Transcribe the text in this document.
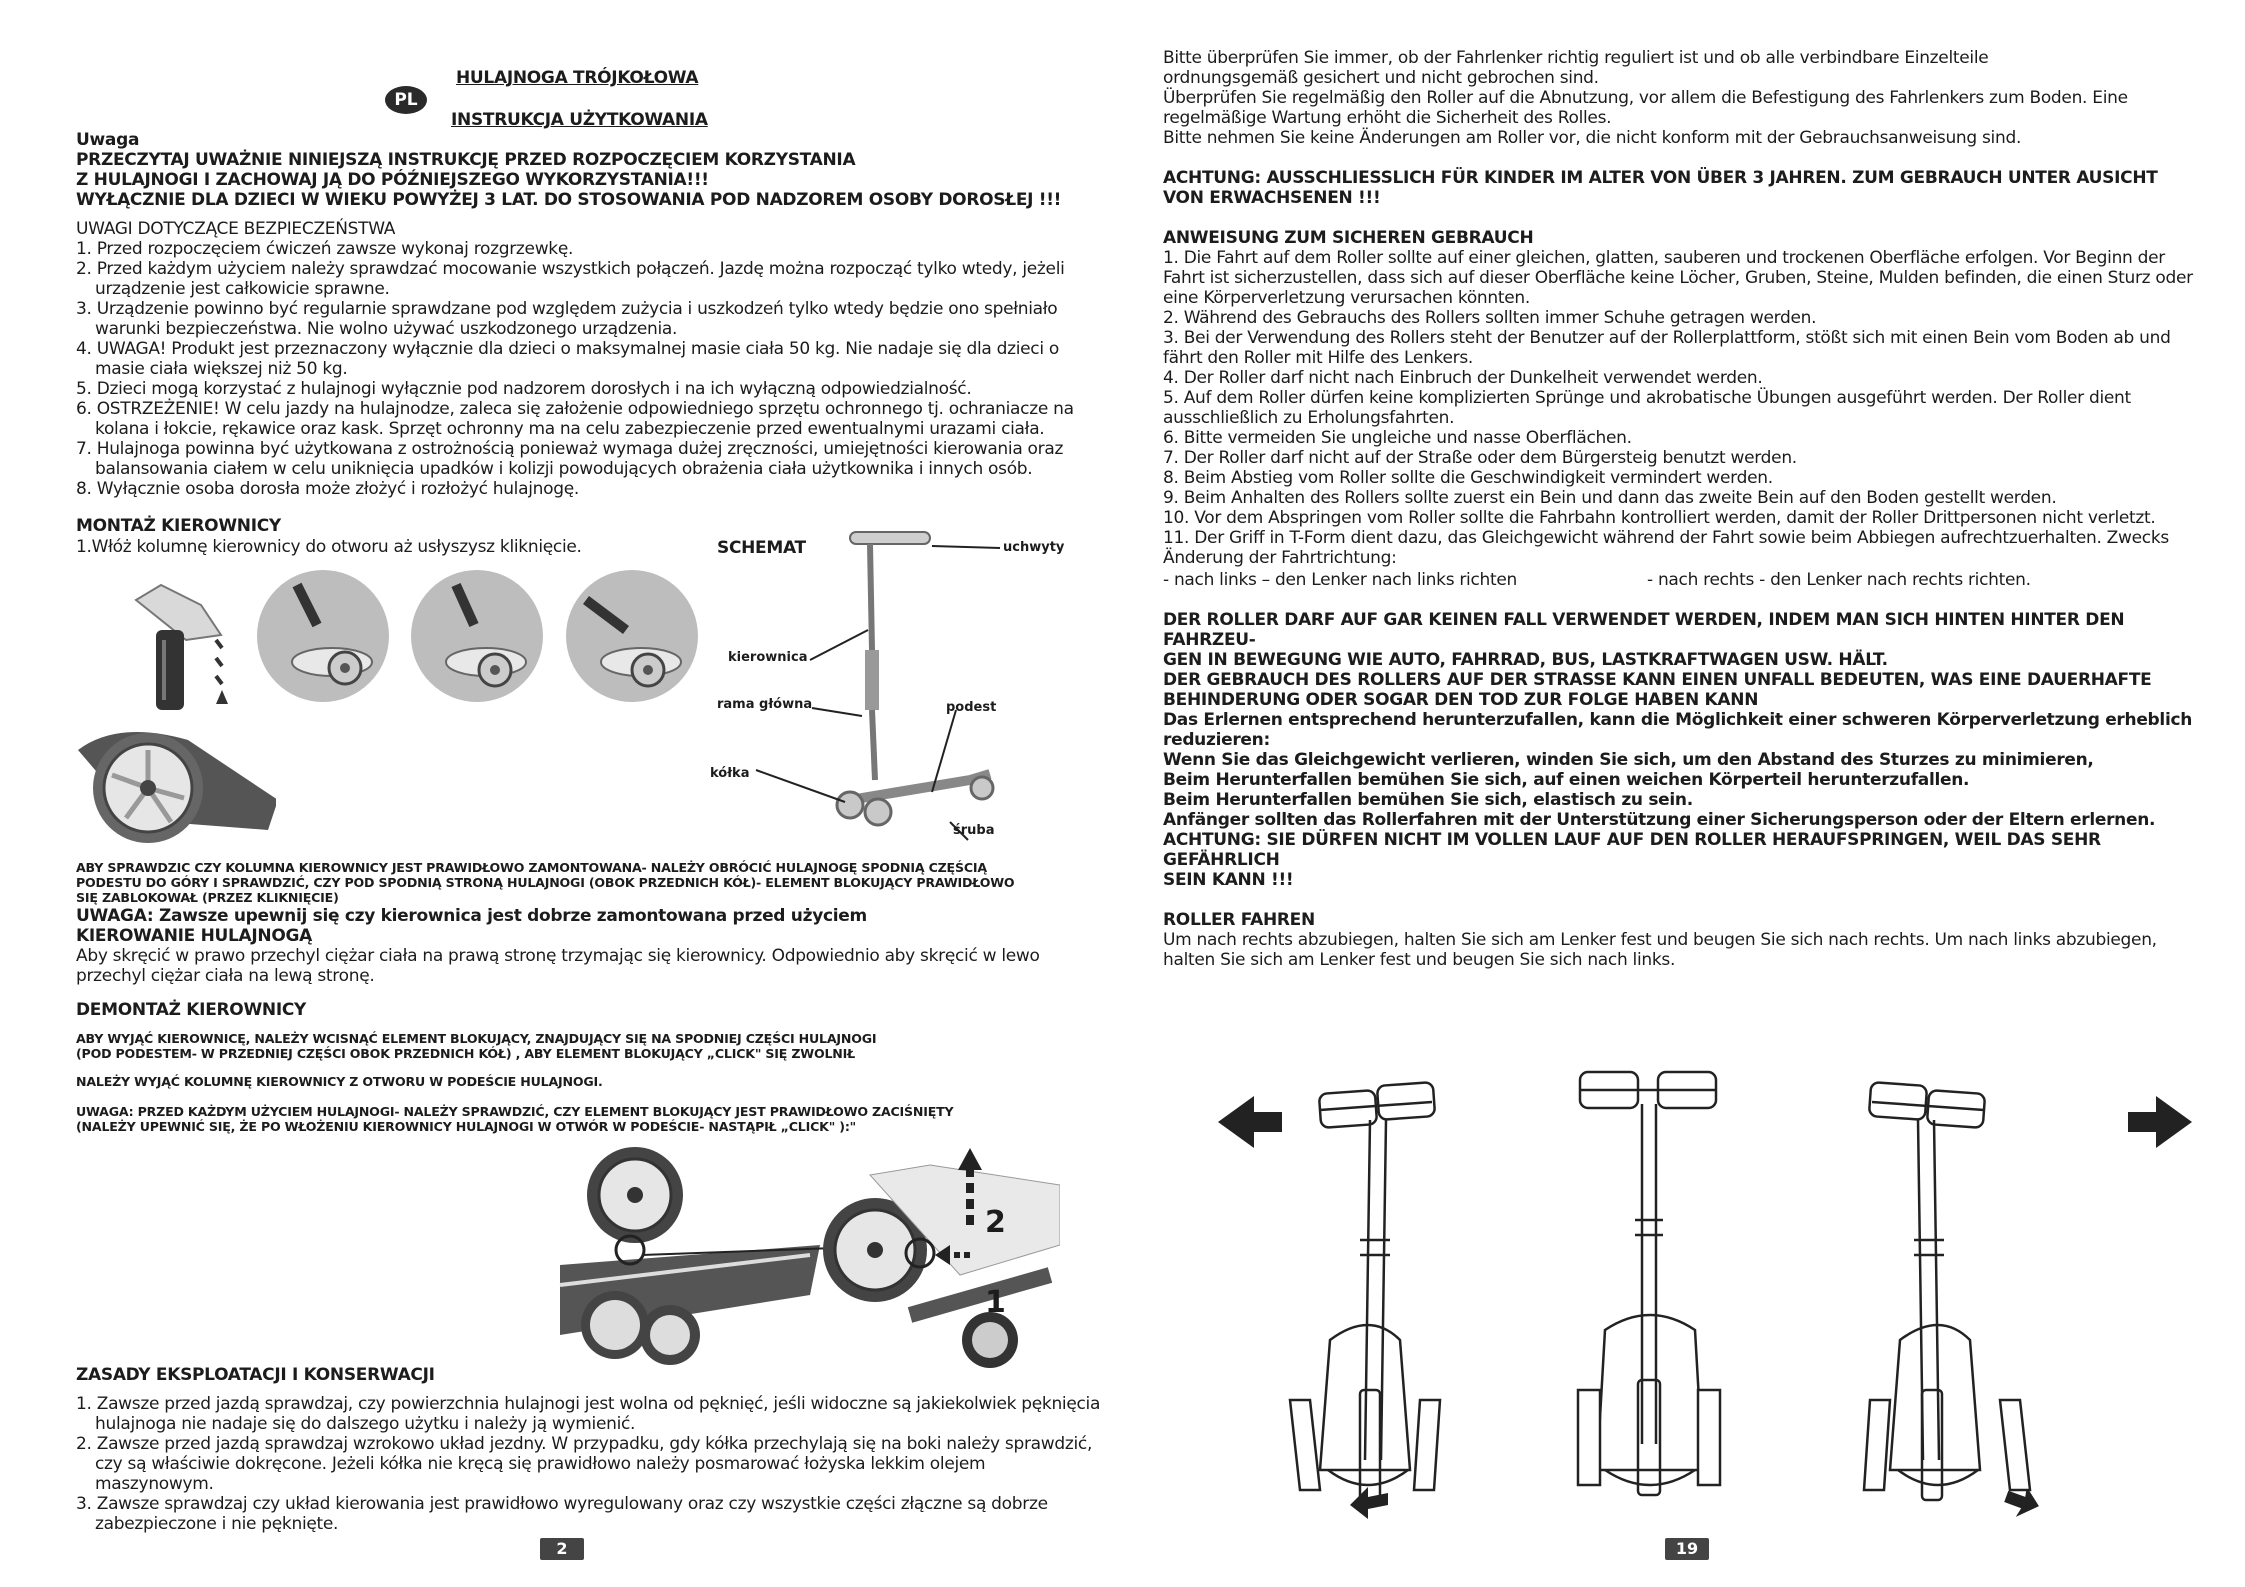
PL
HULAJNOGA TRÓJKOŁOWA
INSTRUKCJA UŻYTKOWANIA
Uwaga
PRZECZYTAJ UWAŻNIE NINIEJSZĄ INSTRUKCJĘ PRZED ROZPOCZĘCIEM KORZYSTANIA
Z HULAJNOGI I ZACHOWAJ JĄ DO PÓŹNIEJSZEGO WYKORZYSTANIA!!!
WYŁĄCZNIE DLA DZIECI W WIEKU POWYŻEJ 3 LAT. DO STOSOWANIA POD NADZOREM OSOBY DOROSŁEJ !!!
UWAGI DOTYCZĄCE BEZPIECZEŃSTWA
1. Przed rozpoczęciem ćwiczeń zawsze wykonaj rozgrzewkę.
2. Przed każdym użyciem należy sprawdzać mocowanie wszystkich połączeń. Jazdę można rozpocząć tylko wtedy, jeżeli urządzenie jest całkowicie sprawne.
3. Urządzenie powinno być regularnie sprawdzane pod względem zużycia i uszkodzeń tylko wtedy będzie ono spełniało warunki bezpieczeństwa. Nie wolno używać uszkodzonego urządzenia.
4. UWAGA! Produkt jest przeznaczony wyłącznie dla dzieci o maksymalnej masie ciała 50 kg. Nie nadaje się dla dzieci o masie ciała większej niż 50 kg.
5. Dzieci mogą korzystać z hulajnogi wyłącznie pod nadzorem dorosłych i na ich wyłączną odpowiedzialność.
6. OSTRZEŻENIE! W celu jazdy na hulajnodze, zaleca się założenie odpowiedniego sprzętu ochronnego tj. ochraniacze na kolana i łokcie, rękawice oraz kask. Sprzęt ochronny ma na celu zabezpieczenie przed ewentualnymi urazami ciała.
7. Hulajnoga powinna być użytkowana z ostrożnością ponieważ wymaga dużej zręczności, umiejętności kierowania oraz balansowania ciałem w celu uniknięcia upadków i kolizji powodujących obrażenia ciała użytkownika i innych osób.
8. Wyłącznie osoba dorosła może złożyć i rozłożyć hulajnogę.
MONTAŻ KIEROWNICY
1.Włóż kolumnę kierownicy do otworu aż usłyszysz kliknięcie.	SCHEMAT	uchwyty
kierownica
rama główna	podest
kółka
śruba
ABY SPRAWDZIC CZY KOLUMNA KIEROWNICY JEST PRAWIDŁOWO ZAMONTOWANA- NALEŻY OBRÓCIĆ HULAJNOGĘ SPODNIĄ CZĘŚCIĄ
PODESTU DO GÓRY I SPRAWDZIĆ, CZY POD SPODNIĄ STRONĄ HULAJNOGI (OBOK PRZEDNICH KÓŁ)- ELEMENT BLOKUJĄCY PRAWIDŁOWO
SIĘ ZABLOKOWAŁ (PRZEZ KLIKNIĘCIE)
UWAGA: Zawsze upewnij się czy kierownica jest dobrze zamontowana przed użyciem
KIEROWANIE HULAJNOGĄ
Aby skręcić w prawo przechyl ciężar ciała na prawą stronę trzymając się kierownicy. Odpowiednio aby skręcić w lewo przechyl ciężar ciała na lewą stronę.
DEMONTAŻ KIEROWNICY
ABY WYJĄĆ KIEROWNICĘ, NALEŻY WCISNĄĆ ELEMENT BLOKUJĄCY, ZNAJDUJĄCY SIĘ NA SPODNIEJ CZĘŚCI HULAJNOGI
(POD PODESTEM- W PRZEDNIEJ CZĘŚCI OBOK PRZEDNICH KÓŁ) , ABY ELEMENT BLOKUJĄCY „CLICK" SIĘ ZWOLNIŁ
NALEŻY WYJĄĆ KOLUMNĘ KIEROWNICY Z OTWORU W PODEŚCIE HULAJNOGI.
UWAGA: PRZED KAŻDYM UŻYCIEM HULAJNOGI- NALEŻY SPRAWDZIĆ, CZY ELEMENT BLOKUJĄCY JEST PRAWIDŁOWO ZACIŚNIĘTY
(NALEŻY UPEWNIĆ SIĘ, ŻE PO WŁOŻENIU KIEROWNICY HULAJNOGI W OTWÓR W PODEŚCIE- NASTĄPIŁ „CLICK" ):"
2
1
ZASADY EKSPLOATACJI I KONSERWACJI
1. Zawsze przed jazdą sprawdzaj, czy powierzchnia hulajnogi jest wolna od pęknięć, jeśli widoczne są jakiekolwiek pęknięcia hulajnoga nie nadaje się do dalszego użytku i należy ją wymienić.
2. Zawsze przed jazdą sprawdzaj wzrokowo układ jezdny. W przypadku, gdy kółka przechylają się na boki należy sprawdzić, czy są właściwie dokręcone. Jeżeli kółka nie kręcą się prawidłowo należy posmarować łożyska lekkim olejem maszynowym.
3. Zawsze sprawdzaj czy układ kierowania jest prawidłowo wyregulowany oraz czy wszystkie części złączne są dobrze zabezpieczone i nie pęknięte.
2
Bitte überprüfen Sie immer, ob der Fahrlenker richtig reguliert ist und ob alle verbindbare Einzelteile
ordnungsgemäß gesichert und nicht gebrochen sind.
Überprüfen Sie regelmäßig den Roller auf die Abnutzung, vor allem die Befestigung des Fahrlenkers zum Boden. Eine
regelmäßige Wartung erhöht die Sicherheit des Rolles.
Bitte nehmen Sie keine Änderungen am Roller vor, die nicht konform mit der Gebrauchsanweisung sind.
ACHTUNG: AUSSCHLIESSLICH FÜR KINDER IM ALTER VON ÜBER 3 JAHREN. ZUM GEBRAUCH UNTER AUSICHT VON ERWACHSENEN !!!
ANWEISUNG ZUM SICHEREN GEBRAUCH
1. Die Fahrt auf dem Roller sollte auf einer gleichen, glatten, sauberen und trockenen Oberfläche erfolgen. Vor Beginn der Fahrt ist sicherzustellen, dass sich auf dieser Oberfläche keine Löcher, Gruben, Steine, Mulden befinden, die einen Sturz oder eine Körperverletzung verursachen könnten.
2. Während des Gebrauchs des Rollers sollten immer Schuhe getragen werden.
3. Bei der Verwendung des Rollers steht der Benutzer auf der Rollerplattform, stößt sich mit einen Bein vom Boden ab und fährt den Roller mit Hilfe des Lenkers.
4. Der Roller darf nicht nach Einbruch der Dunkelheit verwendet werden.
5. Auf dem Roller dürfen keine komplizierten Sprünge und akrobatische Übungen ausgeführt werden. Der Roller dient ausschließlich zu Erholungsfahrten.
6. Bitte vermeiden Sie ungleiche und nasse Oberflächen.
7. Der Roller darf nicht auf der Straße oder dem Bürgersteig benutzt werden.
8. Beim Abstieg vom Roller sollte die Geschwindigkeit vermindert werden.
9. Beim Anhalten des Rollers sollte zuerst ein Bein und dann das zweite Bein auf den Boden gestellt werden.
10. Vor dem Abspringen vom Roller sollte die Fahrbahn kontrolliert werden, damit der Roller Drittpersonen nicht verletzt.
11. Der Griff in T-Form dient dazu, das Gleichgewicht während der Fahrt sowie beim Abbiegen aufrechtzuerhalten. Zwecks Änderung der Fahrtrichtung:
- nach links – den Lenker nach links richten	- nach rechts - den Lenker nach rechts richten.
DER ROLLER DARF AUF GAR KEINEN FALL VERWENDET WERDEN, INDEM MAN SICH HINTEN HINTER DEN FAHRZEU-
GEN IN BEWEGUNG WIE AUTO, FAHRRAD, BUS, LASTKRAFTWAGEN USW. HÄLT.
DER GEBRAUCH DES ROLLERS AUF DER STRASSE KANN EINEN UNFALL BEDEUTEN, WAS EINE DAUERHAFTE
BEHINDERUNG ODER SOGAR DEN TOD ZUR FOLGE HABEN KANN
Das Erlernen entsprechend herunterzufallen, kann die Möglichkeit einer schweren Körperverletzung erheblich
reduzieren:
Wenn Sie das Gleichgewicht verlieren, winden Sie sich, um den Abstand des Sturzes zu minimieren,
Beim Herunterfallen bemühen Sie sich, auf einen weichen Körperteil herunterzufallen.
Beim Herunterfallen bemühen Sie sich, elastisch zu sein.
Anfänger sollten das Rollerfahren mit der Unterstützung einer Sicherungsperson oder der Eltern erlernen.
ACHTUNG: SIE DÜRFEN NICHT IM VOLLEN LAUF AUF DEN ROLLER HERAUFSPRINGEN, WEIL DAS SEHR GEFÄHRLICH
SEIN KANN !!!
ROLLER FAHREN
Um nach rechts abzubiegen, halten Sie sich am Lenker fest und beugen Sie sich nach rechts. Um nach links abzubiegen,
halten Sie sich am Lenker fest und beugen Sie sich nach links.
19
